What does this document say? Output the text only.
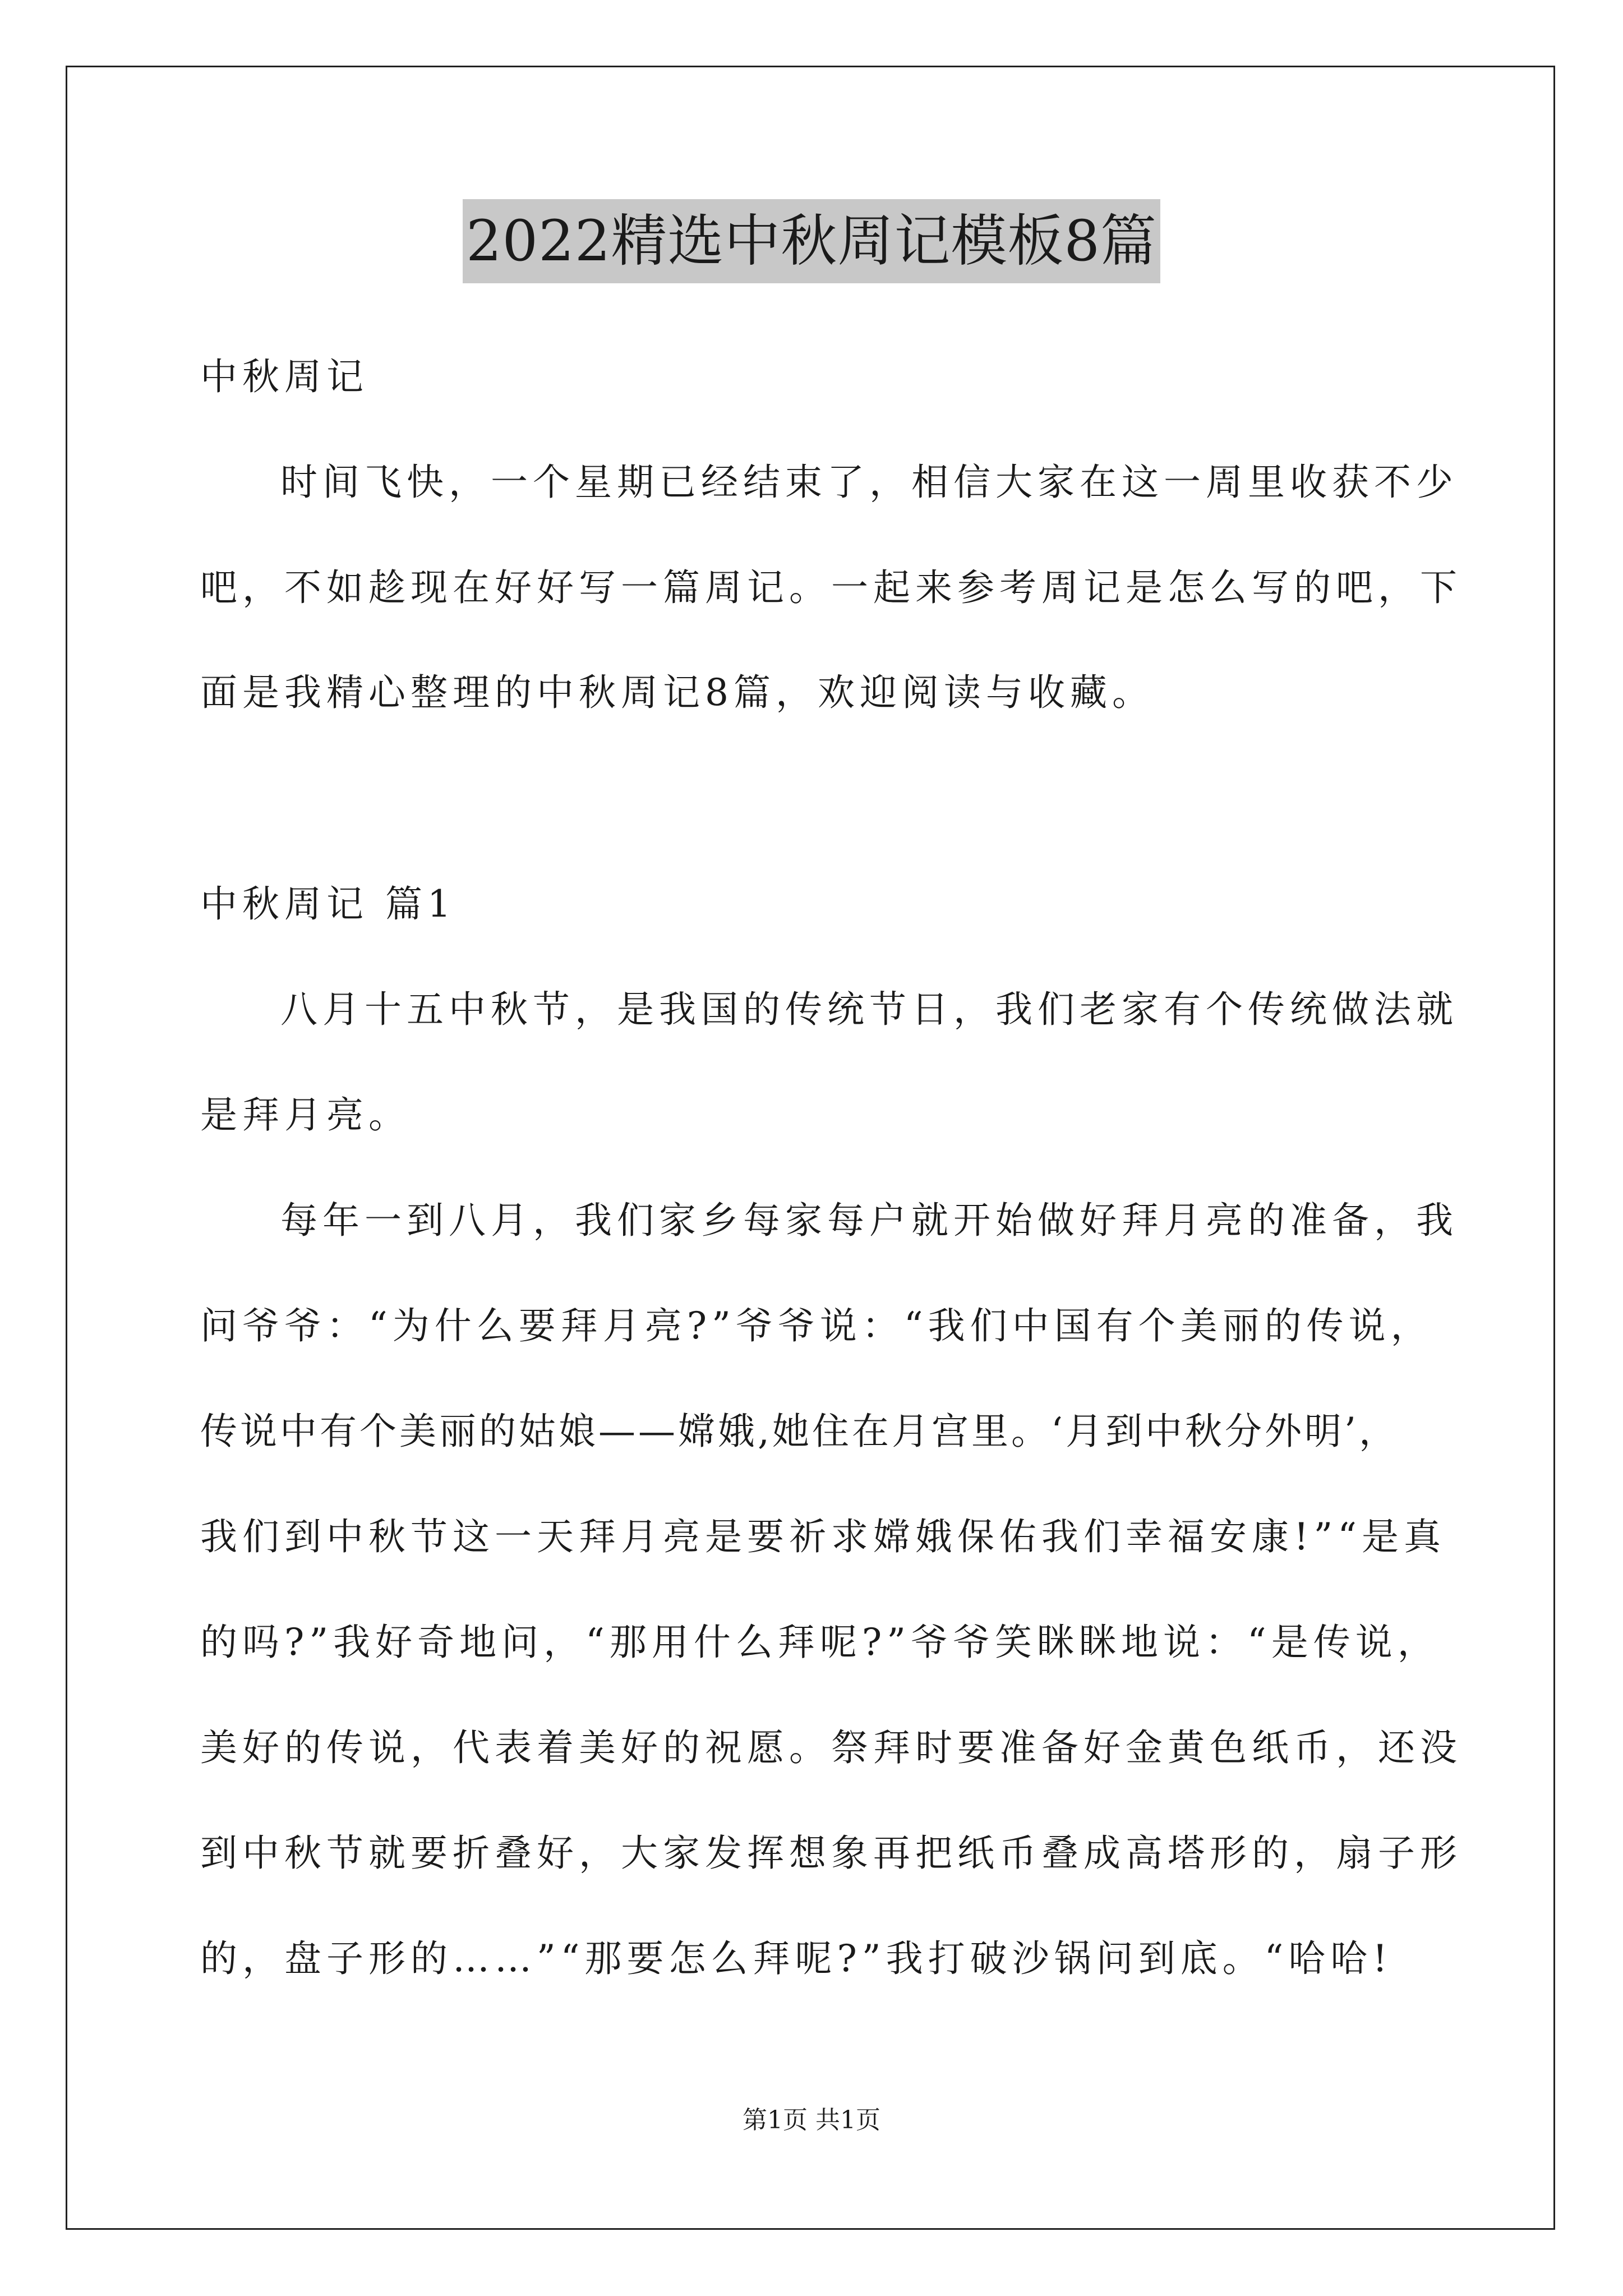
2022精选中秋周记模板8篇
中秋周记
时间飞快，一个星期已经结束了，相信大家在这一周里收获不少
吧，不如趁现在好好写一篇周记。一起来参考周记是怎么写的吧，下
面是我精心整理的中秋周记8篇，欢迎阅读与收藏。
中秋周记 篇1
八月十五中秋节，是我国的传统节日，我们老家有个传统做法就
是拜月亮。
每年一到八月，我们家乡每家每户就开始做好拜月亮的准备，我
问爷爷：“为什么要拜月亮?”爷爷说：“我们中国有个美丽的传说，
传说中有个美丽的姑娘——嫦娥,她住在月宫里。‘月到中秋分外明’，
我们到中秋节这一天拜月亮是要祈求嫦娥保佑我们幸福安康!”“是真
的吗?”我好奇地问，“那用什么拜呢?”爷爷笑眯眯地说：“是传说，
美好的传说，代表着美好的祝愿。祭拜时要准备好金黄色纸币，还没
到中秋节就要折叠好，大家发挥想象再把纸币叠成高塔形的，扇子形
的，盘子形的……”“那要怎么拜呢?”我打破沙锅问到底。“哈哈!
第1页 共1页
